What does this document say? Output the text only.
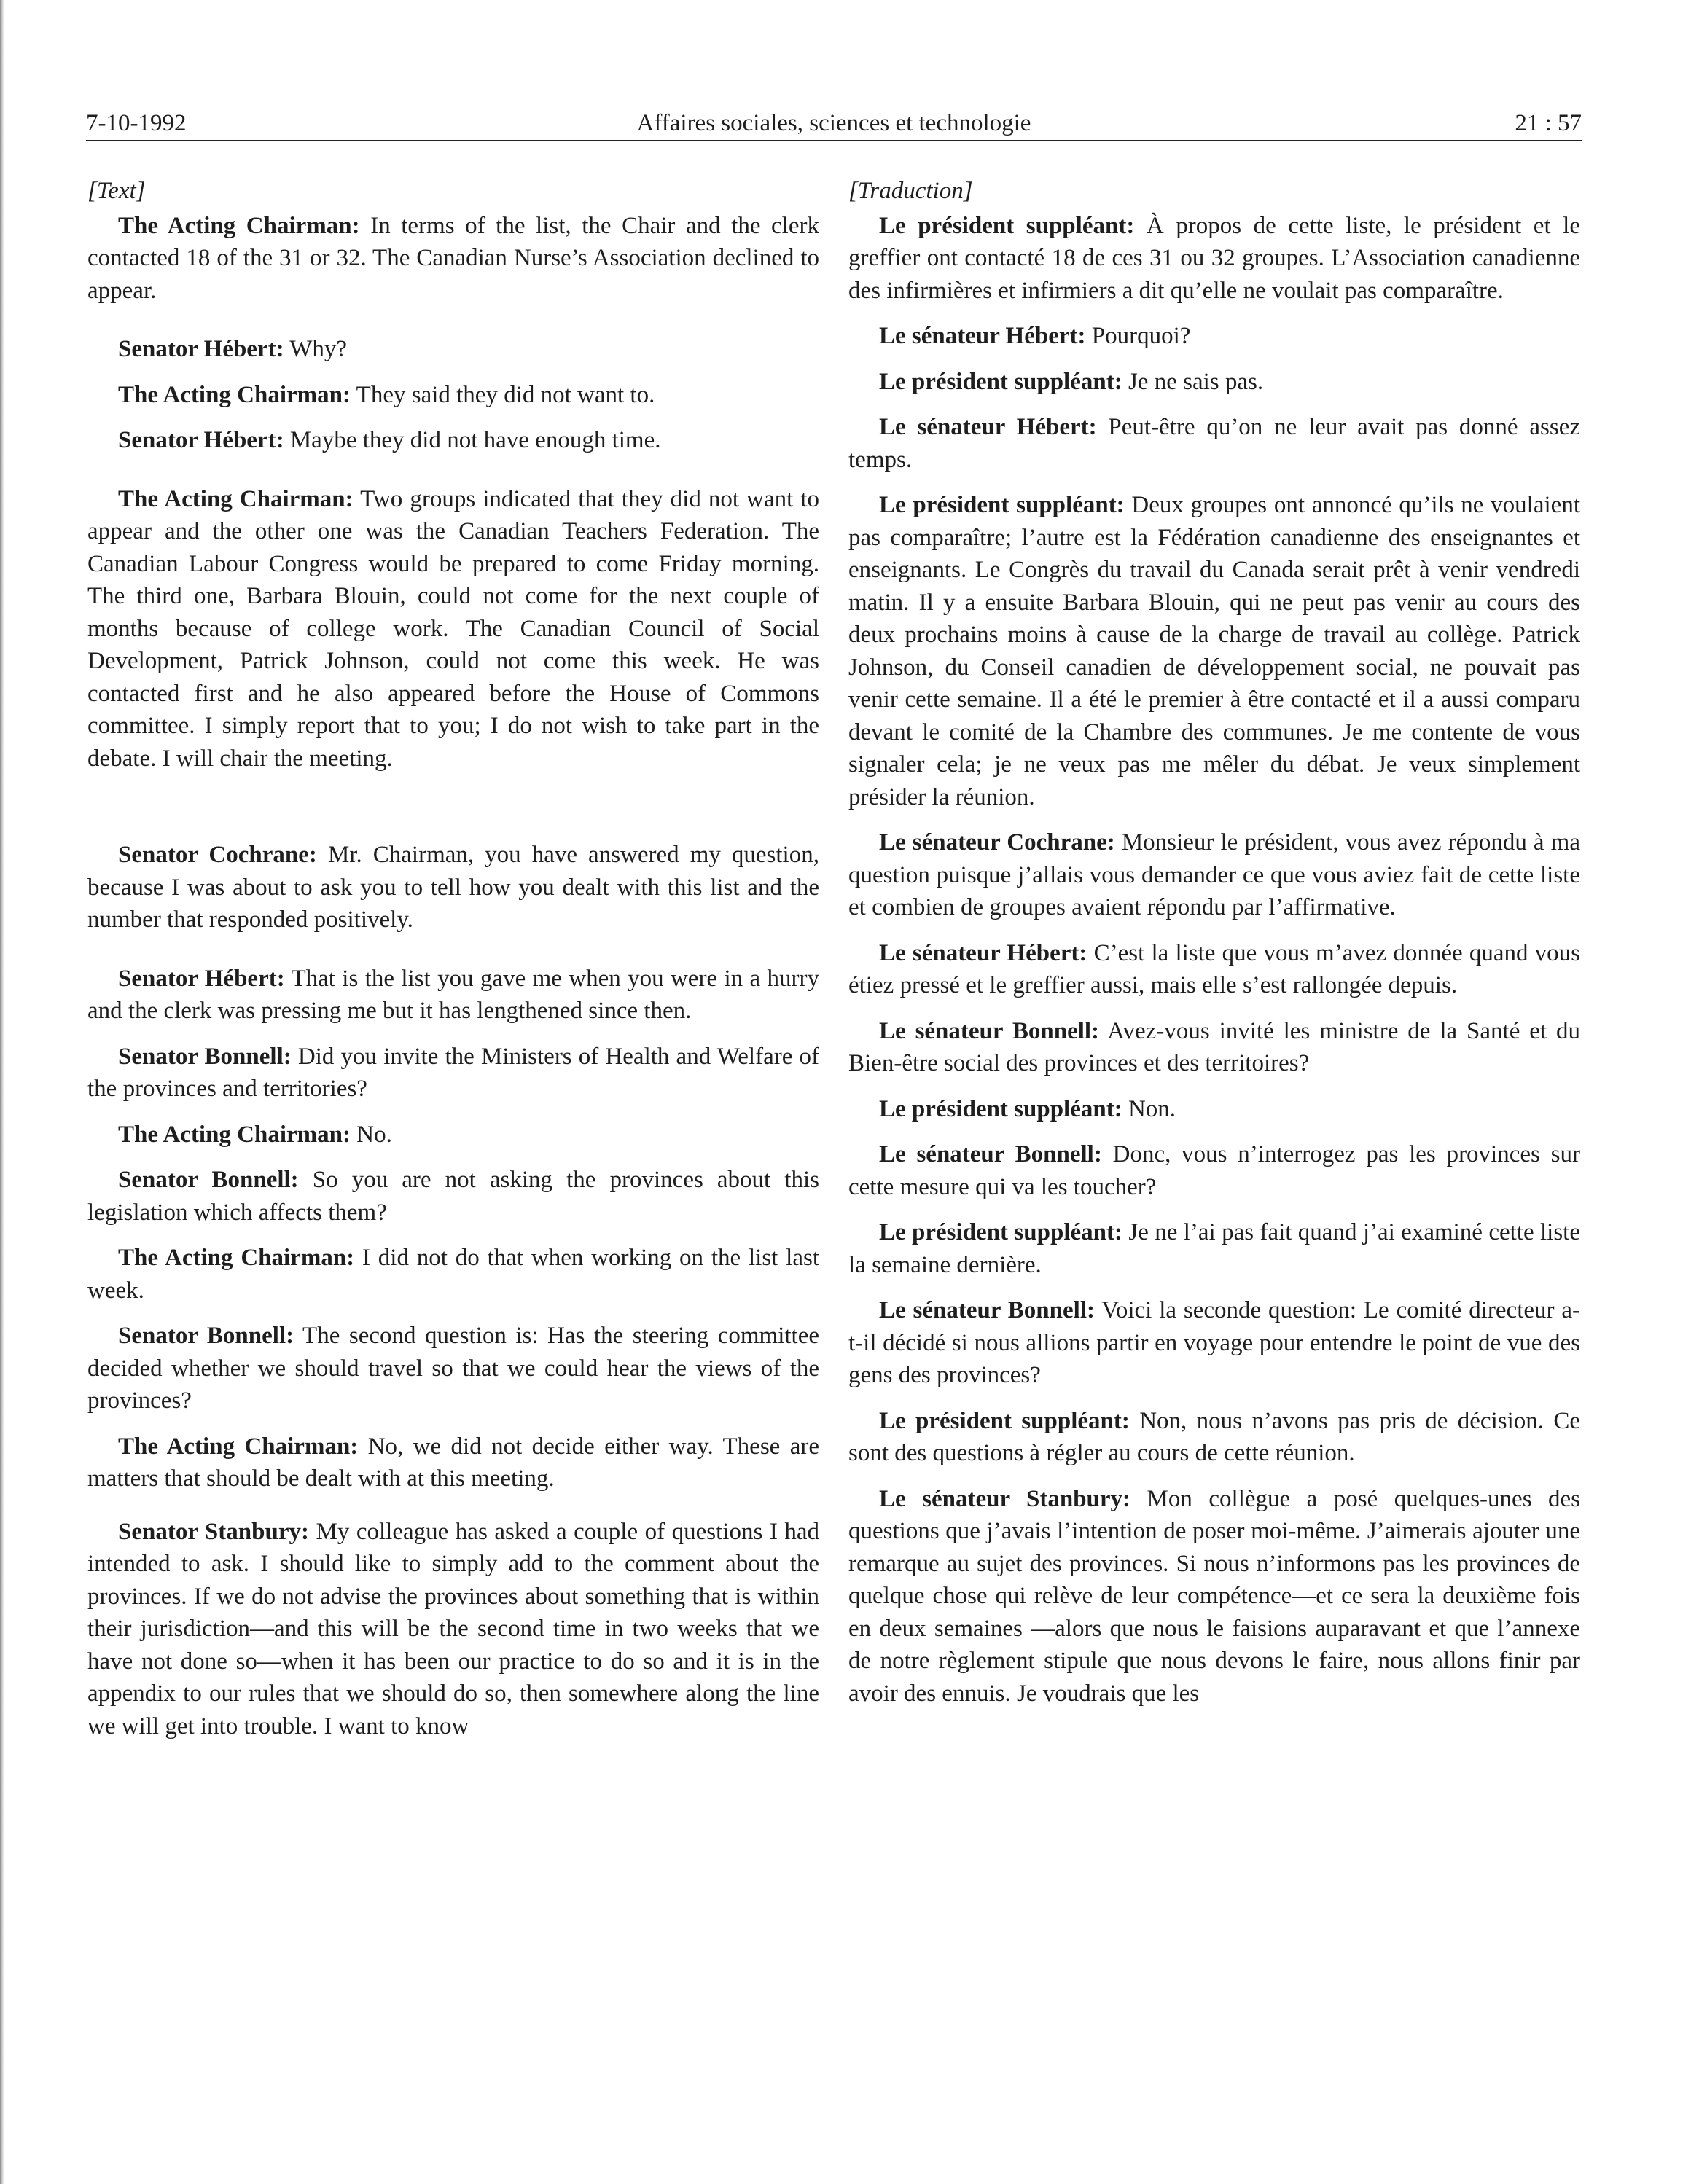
7-10-1992	Affaires sociales, sciences et technologie	21 : 57
[Text]

The Acting Chairman: In terms of the list, the Chair and the clerk contacted 18 of the 31 or 32. The Canadian Nurse’s Association declined to appear.

Senator Hébert: Why?

The Acting Chairman: They said they did not want to.

Senator Hébert: Maybe they did not have enough time.

The Acting Chairman: Two groups indicated that they did not want to appear and the other one was the Canadian Teachers Federation. The Canadian Labour Congress would be prepared to come Friday morning. The third one, Barbara Blouin, could not come for the next couple of months because of college work. The Canadian Council of Social Development, Patrick Johnson, could not come this week. He was contacted first and he also appeared before the House of Commons committee. I simply report that to you; I do not wish to take part in the debate. I will chair the meeting.

Senator Cochrane: Mr. Chairman, you have answered my question, because I was about to ask you to tell how you dealt with this list and the number that responded positively.

Senator Hébert: That is the list you gave me when you were in a hurry and the clerk was pressing me but it has lengthened since then.

Senator Bonnell: Did you invite the Ministers of Health and Welfare of the provinces and territories?

The Acting Chairman: No.

Senator Bonnell: So you are not asking the provinces about this legislation which affects them?

The Acting Chairman: I did not do that when working on the list last week.

Senator Bonnell: The second question is: Has the steering committee decided whether we should travel so that we could hear the views of the provinces?

The Acting Chairman: No, we did not decide either way. These are matters that should be dealt with at this meeting.

Senator Stanbury: My colleague has asked a couple of questions I had intended to ask. I should like to simply add to the comment about the provinces. If we do not advise the provinces about something that is within their jurisdiction—and this will be the second time in two weeks that we have not done so—when it has been our practice to do so and it is in the appendix to our rules that we should do so, then somewhere along the line we will get into trouble. I want to know

[Traduction]

Le président suppléant: À propos de cette liste, le président et le greffier ont contacté 18 de ces 31 ou 32 groupes. L’Association canadienne des infirmières et infirmiers a dit qu’elle ne voulait pas comparaître.

Le sénateur Hébert: Pourquoi?

Le président suppléant: Je ne sais pas.

Le sénateur Hébert: Peut-être qu’on ne leur avait pas donné assez temps.

Le président suppléant: Deux groupes ont annoncé qu’ils ne voulaient pas comparaître; l’autre est la Fédération canadienne des enseignantes et enseignants. Le Congrès du travail du Canada serait prêt à venir vendredi matin. Il y a ensuite Barbara Blouin, qui ne peut pas venir au cours des deux prochains moins à cause de la charge de travail au collège. Patrick Johnson, du Conseil canadien de développement social, ne pouvait pas venir cette semaine. Il a été le premier à être contacté et il a aussi comparu devant le comité de la Chambre des communes. Je me contente de vous signaler cela; je ne veux pas me mêler du débat. Je veux simplement présider la réunion.

Le sénateur Cochrane: Monsieur le président, vous avez répondu à ma question puisque j’allais vous demander ce que vous aviez fait de cette liste et combien de groupes avaient répondu par l’affirmative.

Le sénateur Hébert: C’est la liste que vous m’avez donnée quand vous étiez pressé et le greffier aussi, mais elle s’est rallongée depuis.

Le sénateur Bonnell: Avez-vous invité les ministre de la Santé et du Bien-être social des provinces et des territoires?

Le président suppléant: Non.

Le sénateur Bonnell: Donc, vous n’interrogez pas les provinces sur cette mesure qui va les toucher?

Le président suppléant: Je ne l’ai pas fait quand j’ai examiné cette liste la semaine dernière.

Le sénateur Bonnell: Voici la seconde question: Le comité directeur a-t-il décidé si nous allions partir en voyage pour entendre le point de vue des gens des provinces?

Le président suppléant: Non, nous n’avons pas pris de décision. Ce sont des questions à régler au cours de cette réunion.

Le sénateur Stanbury: Mon collègue a posé quelques-unes des questions que j’avais l’intention de poser moi-même. J’aimerais ajouter une remarque au sujet des provinces. Si nous n’informons pas les provinces de quelque chose qui relève de leur compétence—et ce sera la deuxième fois en deux semaines —alors que nous le faisions auparavant et que l’annexe de notre règlement stipule que nous devons le faire, nous allons finir par avoir des ennuis. Je voudrais que les
